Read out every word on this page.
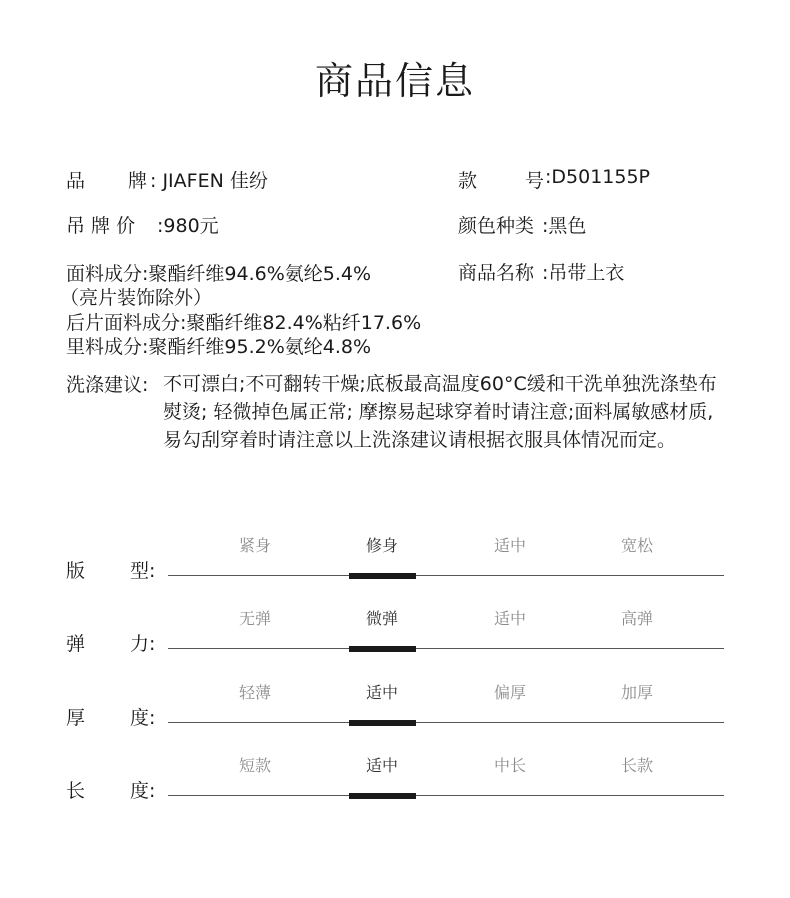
商品信息
品 牌 : JIAFEN 佳纷	款	号 :D501155P
吊 牌 价 :980元	颜色种类 :黑色
面料成分:聚酯纤维94.6%氨纶5.4%
（亮片装饰除外）
后片面料成分:聚酯纤维82.4%粘纤17.6%
里料成分:聚酯纤维95.2%氨纶4.8%
商品名称 :吊带上衣
洗涤建议: 不可漂白;不可翻转干燥;底板最高温度60°C缓和干洗单独洗涤垫布熨烫; 轻微掉色属正常; 摩擦易起球穿着时请注意;面料属敏感材质,易勾刮穿着时请注意以上洗涤建议请根据衣服具体情况而定。
版 型:
紧身	修身	适中	宽松
弹 力:
无弹	微弹	适中	高弹
厚 度:
轻薄	适中	偏厚	加厚
长 度:
短款	适中	中长	长款
